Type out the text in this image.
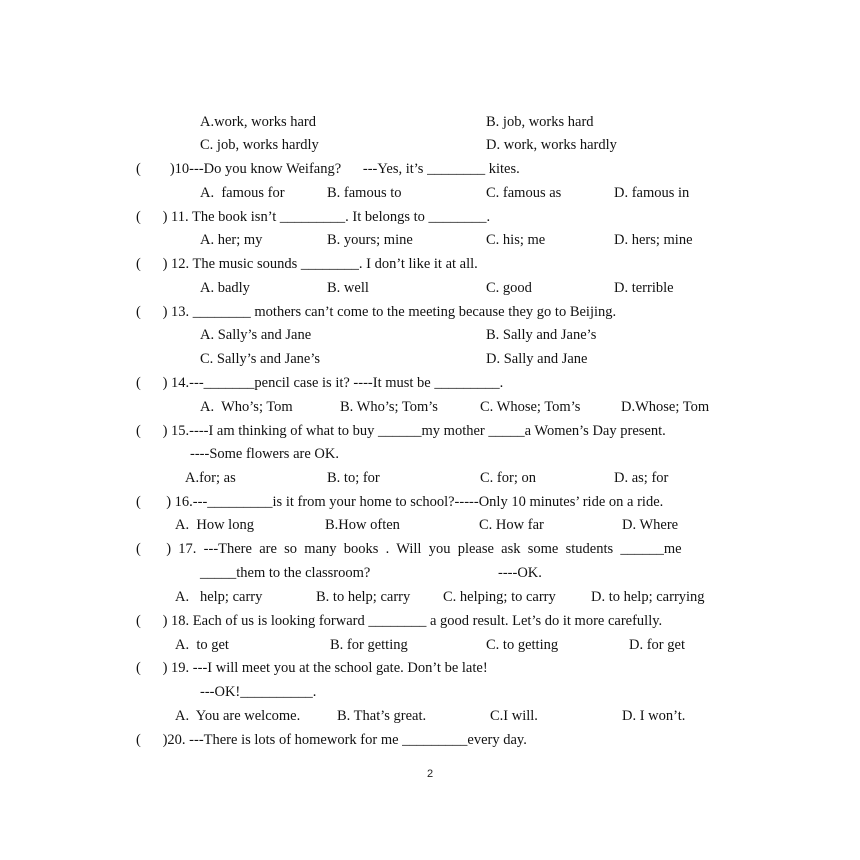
A.work, works hard	B. job, works hard
C. job, works hardly	D. work, works hardly
(        )10---Do you know Weifang?      ---Yes, it’s ________ kites.
A.  famous for	B. famous to	C. famous as	D. famous in
(      ) 11. The book isn’t _________. It belongs to ________.
A. her; my	B. yours; mine	C. his; me	D. hers; mine
(      ) 12. The music sounds ________. I don’t like it at all.
A. badly	B. well	C. good	D. terrible
(      ) 13. ________ mothers can’t come to the meeting because they go to Beijing.
A. Sally’s and Jane	B. Sally and Jane’s
C. Sally’s and Jane’s	D. Sally and Jane
(      ) 14.---_______pencil case is it? ----It must be _________.
A.  Who’s; Tom	B. Who’s; Tom’s	C. Whose; Tom’s	D.Whose; Tom
(      ) 15.----I am thinking of what to buy ______my mother _____a Women’s Day present.
----Some flowers are OK.
A.for; as	B. to; for	C. for; on	D. as; for
(       ) 16.---_________is it from your home to school?-----Only 10 minutes’ ride on a ride.
A.  How long	B.How often	C. How far	D. Where
(       )  17.  ---There  are  so  many  books  .  Will  you  please  ask  some  students  ______me
_____them to the classroom?	----OK.
A.   help; carry	B. to help; carry C. helping; to carry D. to help; carrying
(      ) 18. Each of us is looking forward ________ a good result. Let’s do it more carefully.
A.  to get	B. for getting	C. to getting	D. for get
(      ) 19. ---I will meet you at the school gate. Don’t be late!
---OK!__________.
A.  You are welcome.	B. That’s great.	C.I will.	D. I won’t.
(      )20. ---There is lots of homework for me _________every day.
2
